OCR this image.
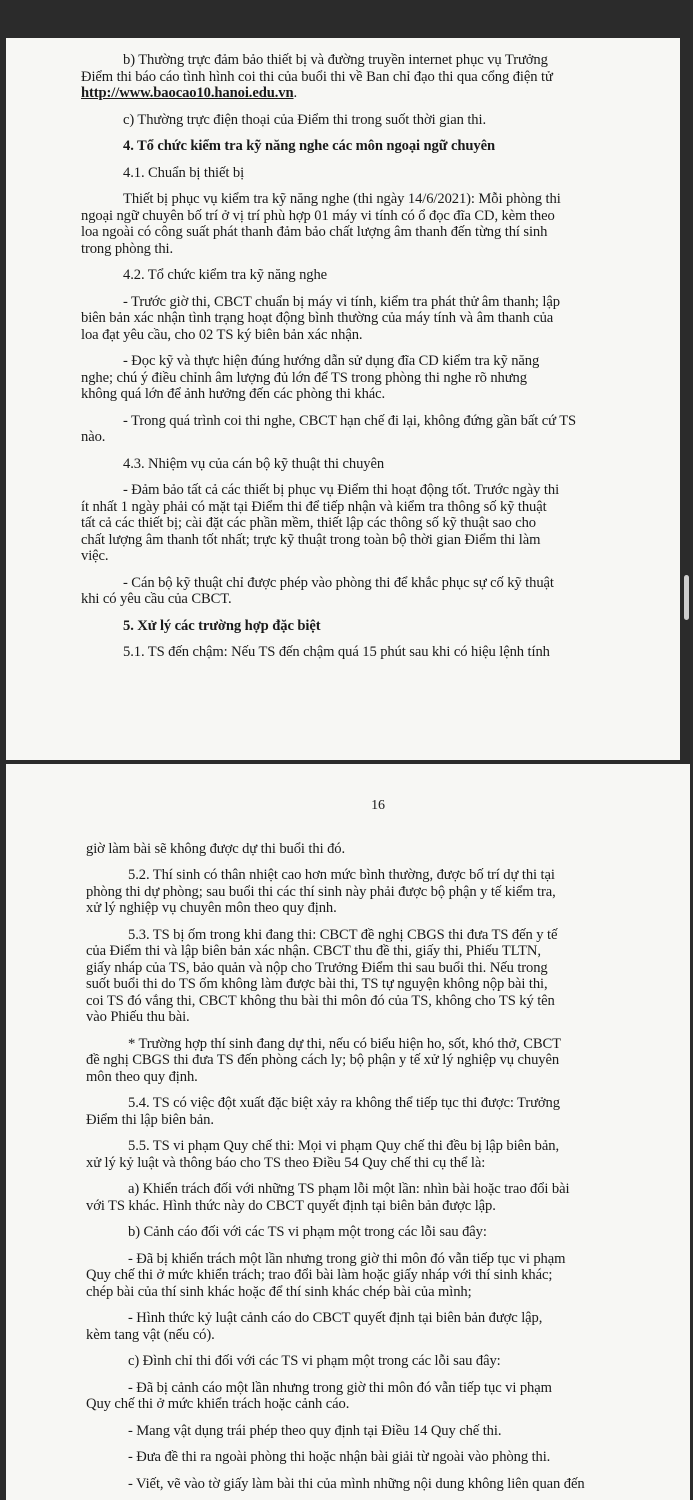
b) Thường trực đảm bảo thiết bị và đường truyền internet phục vụ Trưởng

Điểm thi báo cáo tình hình coi thi của buổi thi về Ban chỉ đạo thi qua cổng điện tử

http://www.baocao10.hanoi.edu.vn.

c) Thường trực điện thoại của Điểm thi trong suốt thời gian thi.

4. Tổ chức kiểm tra kỹ năng nghe các môn ngoại ngữ chuyên

4.1. Chuẩn bị thiết bị

Thiết bị phục vụ kiểm tra kỹ năng nghe (thi ngày 14/6/2021): Mỗi phòng thi

ngoại ngữ chuyên bố trí ở vị trí phù hợp 01 máy vi tính có ổ đọc đĩa CD, kèm theo

loa ngoài có công suất phát thanh đảm bảo chất lượng âm thanh đến từng thí sinh

trong phòng thi.

4.2. Tổ chức kiểm tra kỹ năng nghe

- Trước giờ thi, CBCT chuẩn bị máy vi tính, kiểm tra phát thử âm thanh; lập

biên bản xác nhận tình trạng hoạt động bình thường của máy tính và âm thanh của

loa đạt yêu cầu, cho 02 TS ký biên bản xác nhận.

- Đọc kỹ và thực hiện đúng hướng dẫn sử dụng đĩa CD kiểm tra kỹ năng

nghe; chú ý điều chỉnh âm lượng đủ lớn để TS trong phòng thi nghe rõ nhưng

không quá lớn để ảnh hưởng đến các phòng thi khác.

- Trong quá trình coi thi nghe, CBCT hạn chế đi lại, không đứng gần bất cứ TS

nào.

4.3. Nhiệm vụ của cán bộ kỹ thuật thi chuyên

- Đảm bảo tất cả các thiết bị phục vụ Điểm thi hoạt động tốt. Trước ngày thi

ít nhất 1 ngày phải có mặt tại Điểm thi để tiếp nhận và kiểm tra thông số kỹ thuật

tất cả các thiết bị; cài đặt các phần mềm, thiết lập các thông số kỹ thuật sao cho

chất lượng âm thanh tốt nhất; trực kỹ thuật trong toàn bộ thời gian Điểm thi làm

việc.

- Cán bộ kỹ thuật chỉ được phép vào phòng thi để khắc phục sự cố kỹ thuật

khi có yêu cầu của CBCT.

5. Xử lý các trường hợp đặc biệt

5.1. TS đến chậm: Nếu TS đến chậm quá 15 phút sau khi có hiệu lệnh tính

16

giờ làm bài sẽ không được dự thi buổi thi đó.

5.2. Thí sinh có thân nhiệt cao hơn mức bình thường, được bố trí dự thi tại

phòng thi dự phòng; sau buổi thi các thí sinh này phải được bộ phận y tế kiểm tra,

xử lý nghiệp vụ chuyên môn theo quy định.

5.3. TS bị ốm trong khi đang thi: CBCT đề nghị CBGS thi đưa TS đến y tế

của Điểm thi và lập biên bản xác nhận. CBCT thu đề thi, giấy thi, Phiếu TLTN,

giấy nháp của TS, bảo quản và nộp cho Trưởng Điểm thi sau buổi thi. Nếu trong

suốt buổi thi do TS ốm không làm được bài thi, TS tự nguyện không nộp bài thi,

coi TS đó vắng thi, CBCT không thu bài thi môn đó của TS, không cho TS ký tên

vào Phiếu thu bài.

* Trường hợp thí sinh đang dự thi, nếu có biểu hiện ho, sốt, khó thở, CBCT

đề nghị CBGS thi đưa TS đến phòng cách ly; bộ phận y tế xử lý nghiệp vụ chuyên

môn theo quy định.

5.4. TS có việc đột xuất đặc biệt xảy ra không thể tiếp tục thi được: Trưởng

Điểm thi lập biên bản.

5.5. TS vi phạm Quy chế thi: Mọi vi phạm Quy chế thi đều bị lập biên bản,

xử lý kỷ luật và thông báo cho TS theo Điều 54 Quy chế thi cụ thể là:

a) Khiển trách đối với những TS phạm lỗi một lần: nhìn bài hoặc trao đổi bài

với TS khác. Hình thức này do CBCT quyết định tại biên bản được lập.

b) Cảnh cáo đối với các TS vi phạm một trong các lỗi sau đây:

- Đã bị khiển trách một lần nhưng trong giờ thi môn đó vẫn tiếp tục vi phạm

Quy chế thi ở mức khiển trách; trao đổi bài làm hoặc giấy nháp với thí sinh khác;

chép bài của thí sinh khác hoặc để thí sinh khác chép bài của mình;

- Hình thức kỷ luật cảnh cáo do CBCT quyết định tại biên bản được lập,

kèm tang vật (nếu có).

c) Đình chỉ thi đối với các TS vi phạm một trong các lỗi sau đây:

- Đã bị cảnh cáo một lần nhưng trong giờ thi môn đó vẫn tiếp tục vi phạm

Quy chế thi ở mức khiển trách hoặc cảnh cáo.

- Mang vật dụng trái phép theo quy định tại Điều 14 Quy chế thi.

- Đưa đề thi ra ngoài phòng thi hoặc nhận bài giải từ ngoài vào phòng thi.

- Viết, vẽ vào tờ giấy làm bài thi của mình những nội dung không liên quan đến
